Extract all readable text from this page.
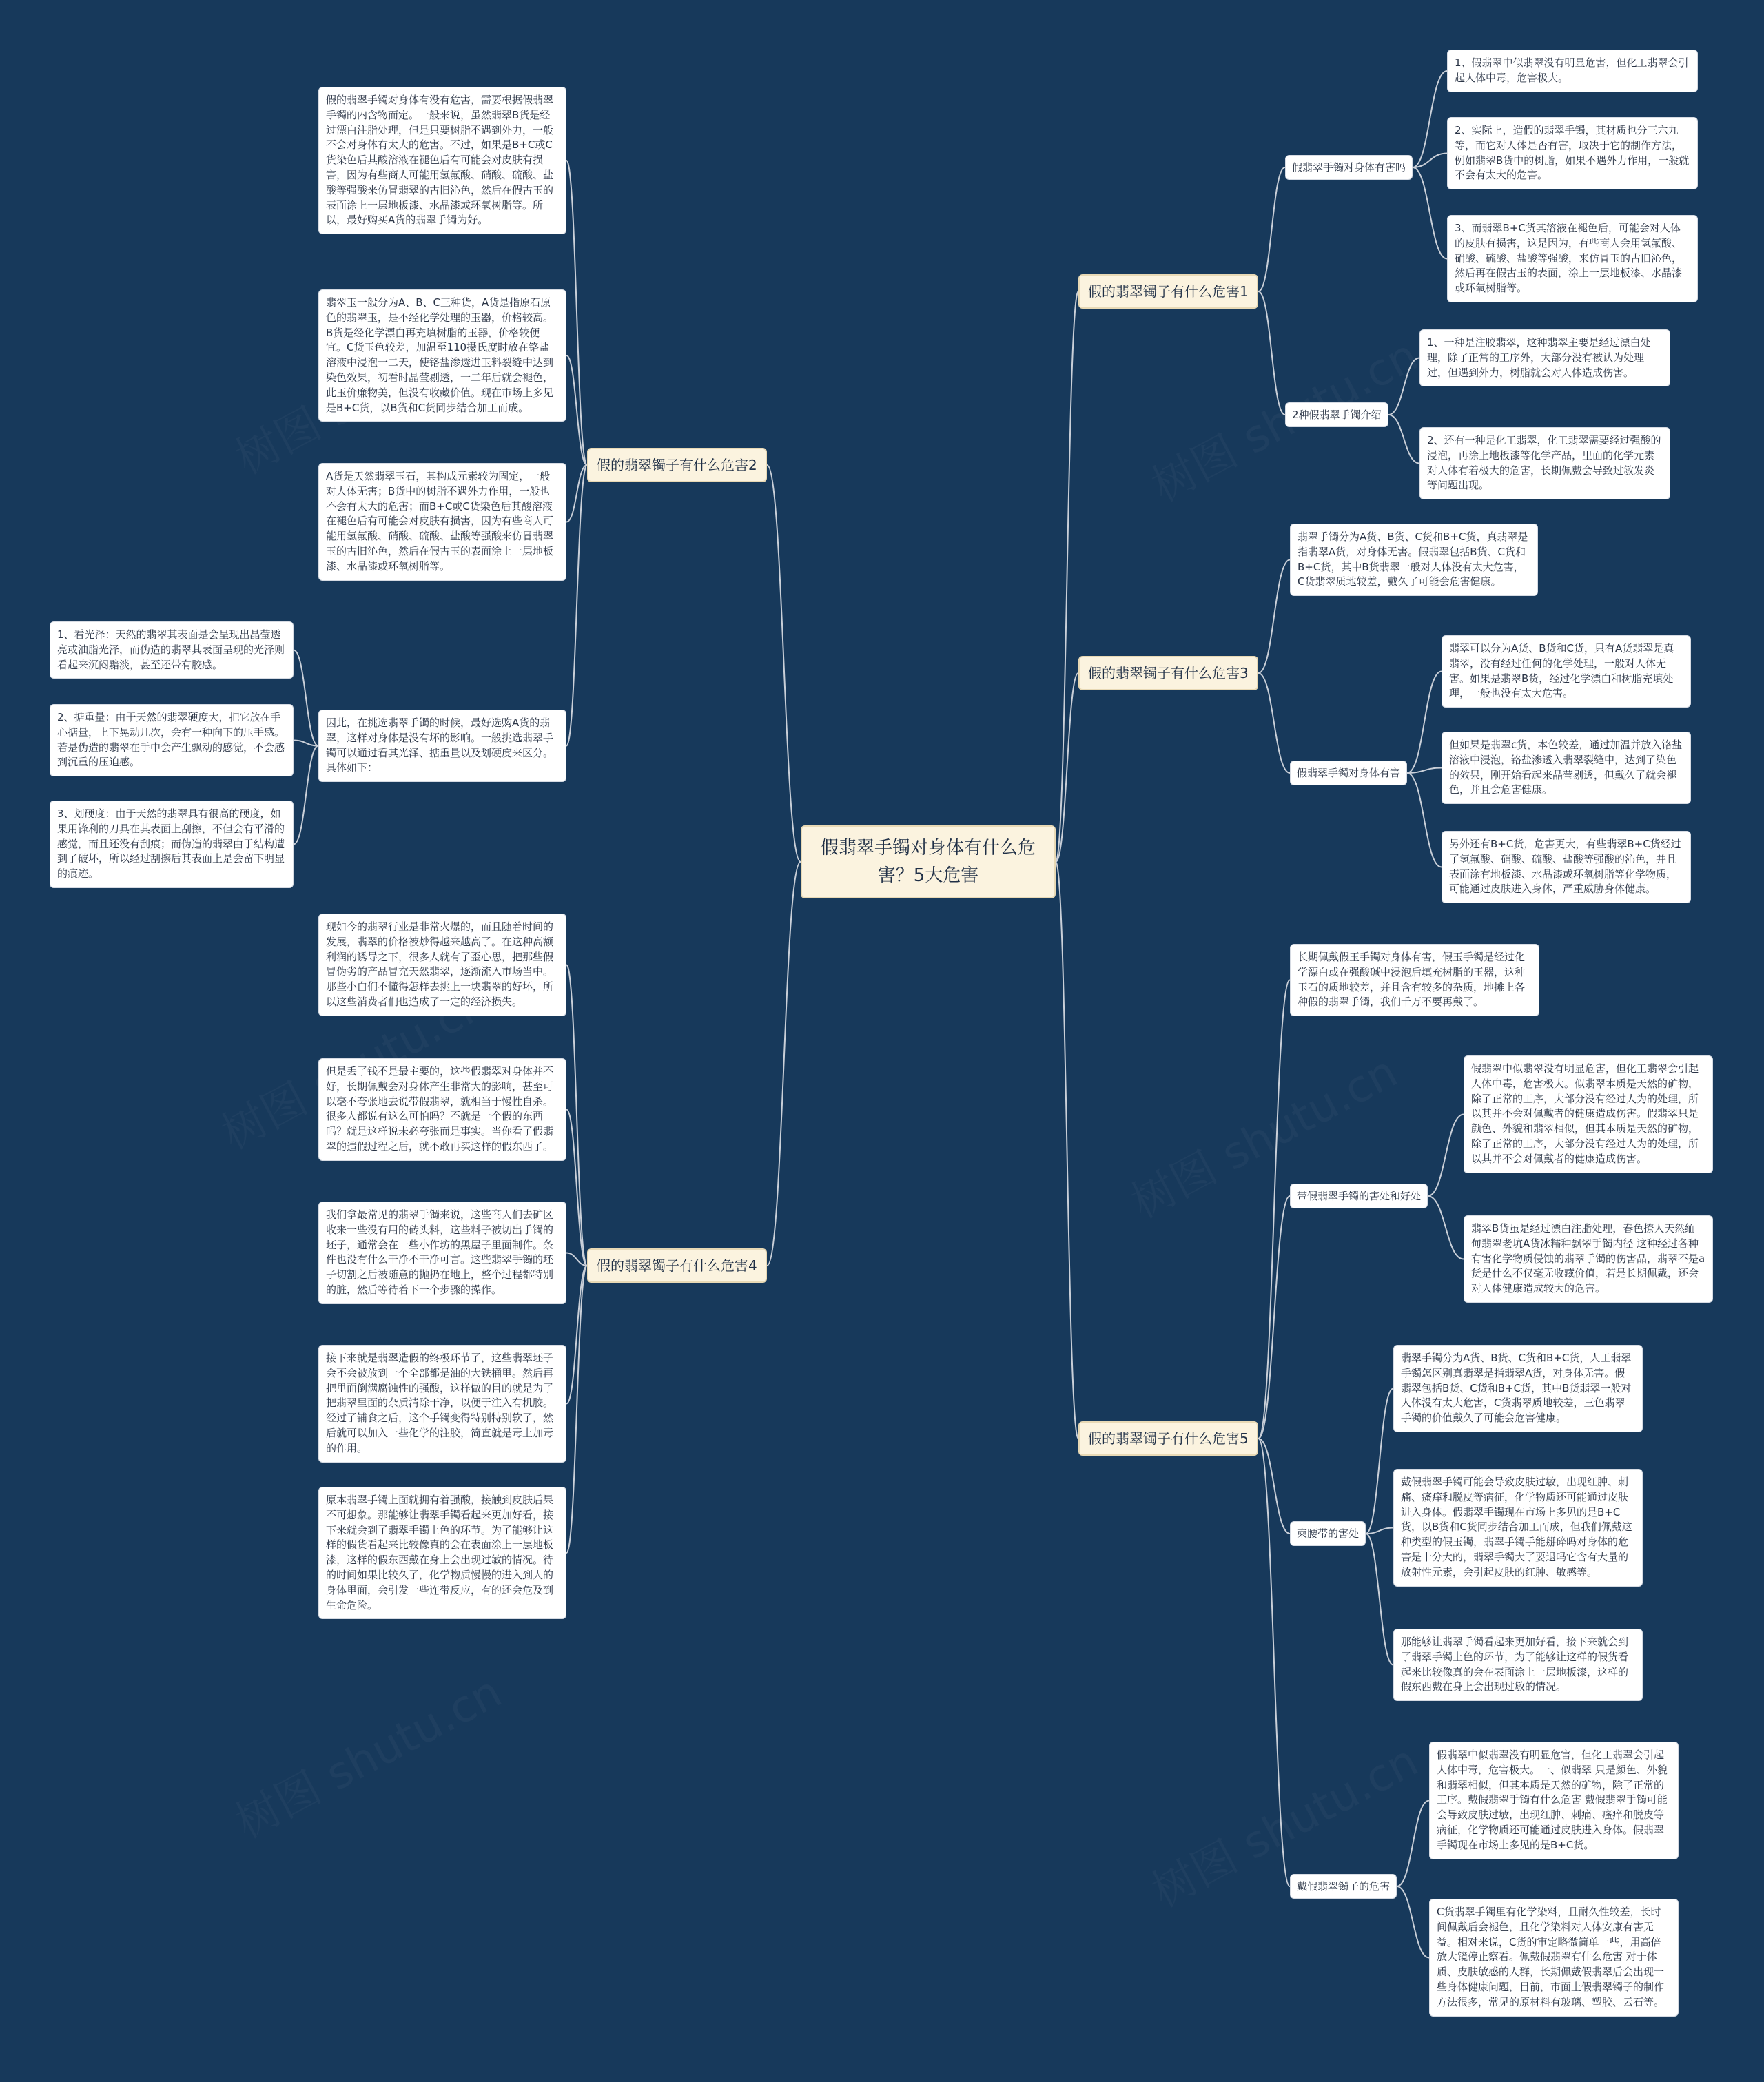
假翡翠手镯对身体有什么危害？5大危害
假的翡翠镯子有什么危害1
假翡翠手镯对身体有害吗
1、假翡翠中似翡翠没有明显危害，但化工翡翠会引起人体中毒，危害极大。
2、实际上，造假的翡翠手镯，其材质也分三六九等，而它对人体是否有害，取决于它的制作方法，例如翡翠B货中的树脂，如果不遇外力作用，一般就不会有太大的危害。
3、而翡翠B+C货其溶液在褪色后，可能会对人体的皮肤有损害，这是因为，有些商人会用氢氟酸、硝酸、硫酸、盐酸等强酸，来仿冒玉的古旧沁色，然后再在假古玉的表面，涂上一层地板漆、水晶漆或环氧树脂等。
2种假翡翠手镯介绍
1、一种是注胶翡翠，这种翡翠主要是经过漂白处理，除了正常的工序外，大部分没有被认为处理过，但遇到外力，树脂就会对人体造成伤害。
2、还有一种是化工翡翠，化工翡翠需要经过强酸的浸泡，再涂上地板漆等化学产品，里面的化学元素对人体有着极大的危害，长期佩戴会导致过敏发炎等问题出现。
假的翡翠镯子有什么危害3
翡翠手镯分为A货、B货、C货和B+C货，真翡翠是指翡翠A货，对身体无害。假翡翠包括B货、C货和B+C货，其中B货翡翠一般对人体没有太大危害，C货翡翠质地较差，戴久了可能会危害健康。
假翡翠手镯对身体有害
翡翠可以分为A货、B货和C货，只有A货翡翠是真翡翠，没有经过任何的化学处理，一般对人体无害。如果是翡翠B货，经过化学漂白和树脂充填处理，一般也没有太大危害。
但如果是翡翠c货，本色较差，通过加温并放入铬盐溶液中浸泡，铬盐渗透入翡翠裂缝中，达到了染色的效果，刚开始看起来晶莹剔透，但戴久了就会褪色，并且会危害健康。
另外还有B+C货，危害更大，有些翡翠B+C货经过了氢氟酸、硝酸、硫酸、盐酸等强酸的沁色，并且表面涂有地板漆、水晶漆或环氧树脂等化学物质，可能通过皮肤进入身体，严重威胁身体健康。
假的翡翠镯子有什么危害5
长期佩戴假玉手镯对身体有害，假玉手镯是经过化学漂白或在强酸碱中浸泡后填充树脂的玉器，这种玉石的质地较差，并且含有较多的杂质，地摊上各种假的翡翠手镯，我们千万不要再戴了。
带假翡翠手镯的害处和好处
假翡翠中似翡翠没有明显危害，但化工翡翠会引起人体中毒，危害极大。似翡翠本质是天然的矿物，除了正常的工序，大部分没有经过人为的处理，所以其并不会对佩戴者的健康造成伤害。假翡翠只是颜色、外貌和翡翠相似，但其本质是天然的矿物，除了正常的工序，大部分没有经过人为的处理，所以其并不会对佩戴者的健康造成伤害。
翡翠B货虽是经过漂白注脂处理，春色撩人天然缅甸翡翠老坑A货冰糯种飘翠手镯内径 这种经过各种有害化学物质侵蚀的翡翠手镯的伤害品，翡翠不是a货是什么不仅毫无收藏价值，若是长期佩戴，还会对人体健康造成较大的危害。
柬腰带的害处
翡翠手镯分为A货、B货、C货和B+C货，人工翡翠手镯怎区别真翡翠是指翡翠A货，对身体无害。假翡翠包括B货、C货和B+C货，其中B货翡翠一般对人体没有太大危害，C货翡翠质地较差，三色翡翠手镯的价值戴久了可能会危害健康。
戴假翡翠手镯可能会导致皮肤过敏，出现红肿、刺痛、瘙痒和脱皮等病征，化学物质还可能通过皮肤进入身体。假翡翠手镯现在市场上多见的是B+C货，以B货和C货同步结合加工而成，但我们佩戴这种类型的假玉镯，翡翠手镯手能掰碎吗对身体的危害是十分大的，翡翠手镯大了要退吗它含有大量的放射性元素，会引起皮肤的红肿、敏感等。
那能够让翡翠手镯看起来更加好看，接下来就会到了翡翠手镯上色的环节，为了能够让这样的假货看起来比较像真的会在表面涂上一层地板漆，这样的假东西戴在身上会出现过敏的情况。
戴假翡翠镯子的危害
假翡翠中似翡翠没有明显危害，但化工翡翠会引起人体中毒，危害极大。一、似翡翠 只是颜色、外貌和翡翠相似，但其本质是天然的矿物，除了正常的工序。戴假翡翠手镯有什么危害 戴假翡翠手镯可能会导致皮肤过敏，出现红肿、刺痛、瘙痒和脱皮等病征，化学物质还可能通过皮肤进入身体。假翡翠手镯现在市场上多见的是B+C货。
C货翡翠手镯里有化学染料，且耐久性较差，长时间佩戴后会褪色，且化学染料对人体安康有害无益。相对来说，C货的审定略微简单一些，用高倍放大镜停止察看。佩戴假翡翠有什么危害 对于体质、皮肤敏感的人群，长期佩戴假翡翠后会出现一些身体健康问题，目前，市面上假翡翠镯子的制作方法很多，常见的原材料有玻璃、塑胶、云石等。
假的翡翠镯子有什么危害2
假的翡翠手镯对身体有没有危害，需要根据假翡翠手镯的内含物而定。一般来说，虽然翡翠B货是经过漂白注脂处理，但是只要树脂不遇到外力，一般不会对身体有太大的危害。不过，如果是B+C或C货染色后其酸溶液在褪色后有可能会对皮肤有损害，因为有些商人可能用氢氟酸、硝酸、硫酸、盐酸等强酸来仿冒翡翠的古旧沁色，然后在假古玉的表面涂上一层地板漆、水晶漆或环氧树脂等。所以，最好购买A货的翡翠手镯为好。
翡翠玉一般分为A、B、C三种货，A货是指原石原色的翡翠玉，是不经化学处理的玉器，价格较高。B货是经化学漂白再充填树脂的玉器，价格较便宜。C货玉色较差，加温至110摄氏度时放在铬盐溶液中浸泡一二天，使铬盐渗透进玉料裂缝中达到染色效果，初看时晶莹剔透，一二年后就会褪色，此玉价廉物美，但没有收藏价值。现在市场上多见是B+C货，以B货和C货同步结合加工而成。
A货是天然翡翠玉石，其构成元素较为固定，一般对人体无害；B货中的树脂不遇外力作用，一般也不会有太大的危害；而B+C或C货染色后其酸溶液在褪色后有可能会对皮肤有损害，因为有些商人可能用氢氟酸、硝酸、硫酸、盐酸等强酸来仿冒翡翠玉的古旧沁色，然后在假古玉的表面涂上一层地板漆、水晶漆或环氧树脂等。
因此，在挑选翡翠手镯的时候，最好选购A货的翡翠，这样对身体是没有坏的影响。一般挑选翡翠手镯可以通过看其光泽、掂重量以及划硬度来区分。具体如下：
1、看光泽：天然的翡翠其表面是会呈现出晶莹透亮或油脂光泽，而伪造的翡翠其表面呈现的光泽则看起来沉闷黯淡，甚至还带有胶感。
2、掂重量：由于天然的翡翠硬度大，把它放在手心掂量，上下晃动几次，会有一种向下的压手感。若是伪造的翡翠在手中会产生飘动的感觉，不会感到沉重的压迫感。
3、划硬度：由于天然的翡翠具有很高的硬度，如果用锋利的刀具在其表面上刮擦，不但会有平滑的感觉，而且还没有刮痕；而伪造的翡翠由于结构遭到了破坏，所以经过刮擦后其表面上是会留下明显的痕迹。
假的翡翠镯子有什么危害4
现如今的翡翠行业是非常火爆的，而且随着时间的发展，翡翠的价格被炒得越来越高了。在这种高额利润的诱导之下，很多人就有了歪心思，把那些假冒伪劣的产品冒充天然翡翠，逐渐流入市场当中。那些小白们不懂得怎样去挑上一块翡翠的好坏，所以这些消费者们也造成了一定的经济损失。
但是丢了钱不是最主要的，这些假翡翠对身体并不好，长期佩戴会对身体产生非常大的影响，甚至可以毫不夸张地去说带假翡翠，就相当于慢性自杀。很多人都说有这么可怕吗？不就是一个假的东西吗？就是这样说未必夸张而是事实。当你看了假翡翠的造假过程之后，就不敢再买这样的假东西了。
我们拿最常见的翡翠手镯来说，这些商人们去矿区收来一些没有用的砖头料，这些料子被切出手镯的坯子，通常会在一些小作坊的黑屋子里面制作。条件也没有什么干净不干净可言。这些翡翠手镯的坯子切割之后被随意的抛扔在地上，整个过程都特别的脏，然后等待着下一个步骤的操作。
接下来就是翡翠造假的终极环节了，这些翡翠坯子会不会被放到一个全部都是油的大铁桶里。然后再把里面倒满腐蚀性的强酸，这样做的目的就是为了把翡翠里面的杂质清除干净，以便于注入有机胶。经过了铺食之后，这个手镯变得特别特别软了，然后就可以加入一些化学的注胶，简直就是毒上加毒的作用。
原本翡翠手镯上面就拥有着强酸，接触到皮肤后果不可想象。那能够让翡翠手镯看起来更加好看，接下来就会到了翡翠手镯上色的环节。为了能够让这样的假货看起来比较像真的会在表面涂上一层地板漆，这样的假东西戴在身上会出现过敏的情况。待的时间如果比较久了，化学物质慢慢的进入到人的身体里面，会引发一些连带反应，有的还会危及到生命危险。
